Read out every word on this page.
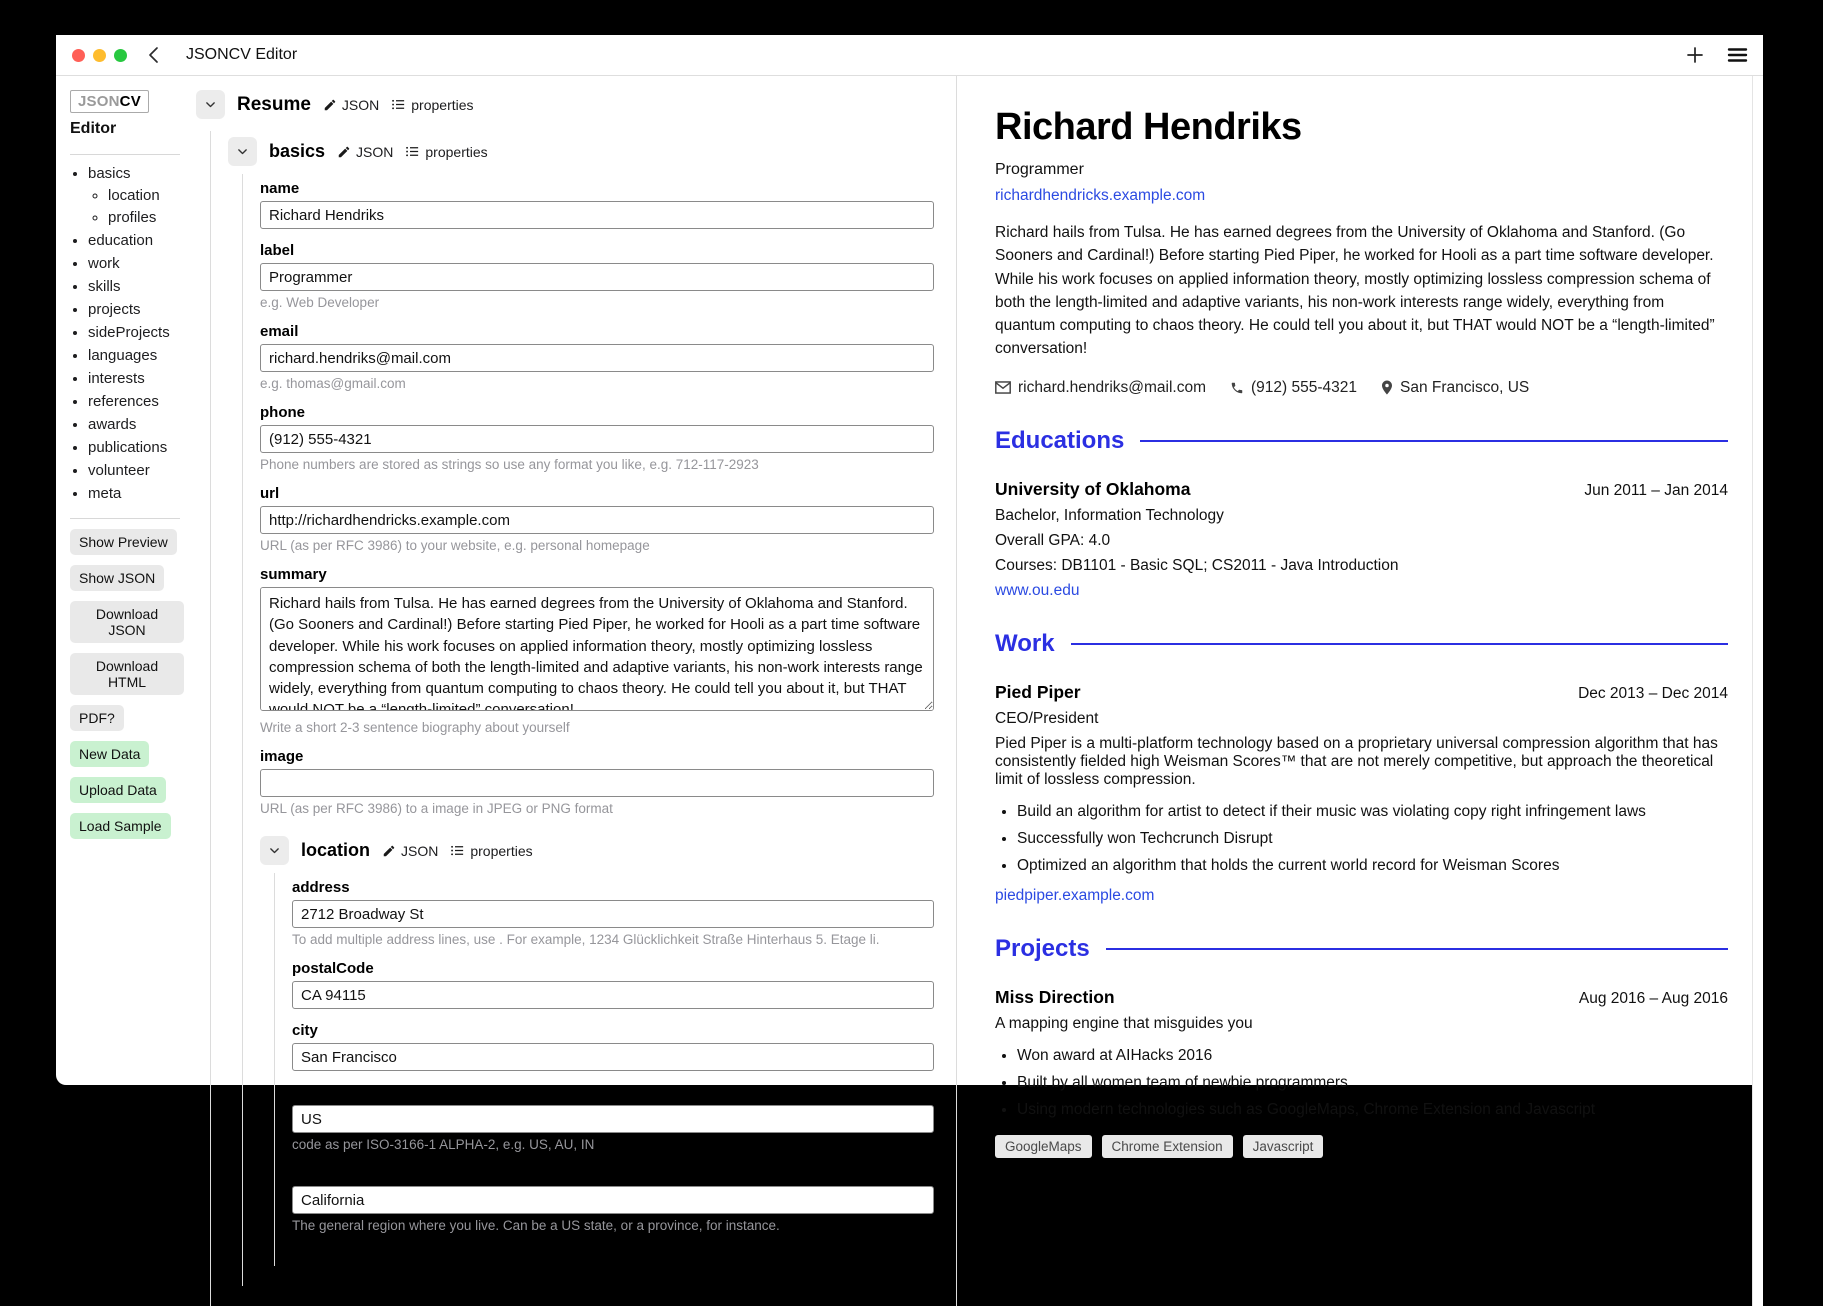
JSONCV Editor
JSONCV
Editor
• basics
◦ location
◦ profiles
• education
• work
• skills
• projects
• sideProjects
• languages
• interests
• references
• awards
• publications
• volunteer
• meta
Show Preview
Show JSON
Download JSON
Download HTML
PDF?
New Data
Upload Data
Load Sample
Resume JSON properties
basics JSON properties
name
Richard Hendriks
label
Programmer
e.g. Web Developer
email
richard.hendriks@mail.com
e.g. thomas@gmail.com
phone
(912) 555-4321
Phone numbers are stored as strings so use any format you like, e.g. 712-117-2923
url
http://richardhendricks.example.com
URL (as per RFC 3986) to your website, e.g. personal homepage
summary
Richard hails from Tulsa. He has earned degrees from the University of Oklahoma and Stanford. (Go Sooners and Cardinal!) Before starting Pied Piper, he worked for Hooli as a part time software developer. While his work focuses on applied information theory, mostly optimizing lossless compression schema of both the length-limited and adaptive variants, his non-work interests range widely, everything from quantum computing to chaos theory. He could tell you about it, but THAT would NOT be a “length-limited” conversation!
Write a short 2-3 sentence biography about yourself
image
URL (as per RFC 3986) to a image in JPEG or PNG format
location JSON properties
address
2712 Broadway St
To add multiple address lines, use . For example, 1234 Glücklichkeit Straße Hinterhaus 5. Etage li.
postalCode
CA 94115
city
San Francisco
countryCode
US
code as per ISO-3166-1 ALPHA-2, e.g. US, AU, IN
region
California
The general region where you live. Can be a US state, or a province, for instance.
Richard Hendriks
Programmer
richardhendricks.example.com

Richard hails from Tulsa. He has earned degrees from the University of Oklahoma and Stanford. (Go Sooners and Cardinal!) Before starting Pied Piper, he worked for Hooli as a part time software developer. While his work focuses on applied information theory, mostly optimizing lossless compression schema of both the length-limited and adaptive variants, his non-work interests range widely, everything from quantum computing to chaos theory. He could tell you about it, but THAT would NOT be a “length-limited” conversation!

richard.hendriks@mail.com	(912) 555-4321	San Francisco, US
Educations
University of Oklahoma	Jun 2011 – Jan 2014
Bachelor, Information Technology
Overall GPA: 4.0
Courses: DB1101 - Basic SQL; CS2011 - Java Introduction
www.ou.edu
Work
Pied Piper	Dec 2013 – Dec 2014
CEO/President
Pied Piper is a multi-platform technology based on a proprietary universal compression algorithm that has consistently fielded high Weisman Scores™ that are not merely competitive, but approach the theoretical limit of lossless compression.
• Build an algorithm for artist to detect if their music was violating copy right infringement laws
• Successfully won Techcrunch Disrupt
• Optimized an algorithm that holds the current world record for Weisman Scores
piedpiper.example.com
Projects
Miss Direction	Aug 2016 – Aug 2016
A mapping engine that misguides you
• Won award at AIHacks 2016
• Built by all women team of newbie programmers
• Using modern technologies such as GoogleMaps, Chrome Extension and Javascript
GoogleMaps	Chrome Extension	Javascript
